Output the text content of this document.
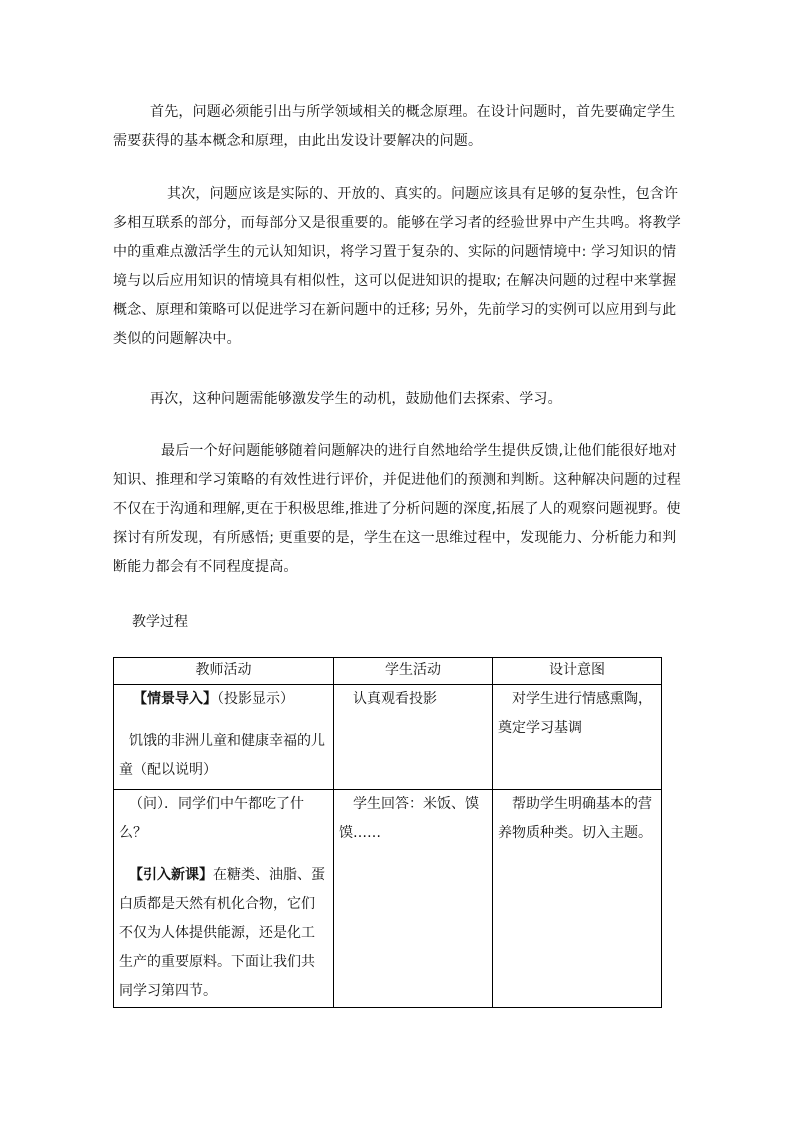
首先，问题必须能引出与所学领域相关的概念原理。在设计问题时，首先要确定学生需要获得的基本概念和原理，由此出发设计要解决的问题。

其次，问题应该是实际的、开放的、真实的。问题应该具有足够的复杂性，包含许多相互联系的部分，而每部分又是很重要的。能够在学习者的经验世界中产生共鸣。将教学中的重难点激活学生的元认知知识，将学习置于复杂的、实际的问题情境中: 学习知识的情境与以后应用知识的情境具有相似性，这可以促进知识的提取; 在解决问题的过程中来掌握概念、原理和策略可以促进学习在新问题中的迁移; 另外，先前学习的实例可以应用到与此类似的问题解决中。

再次，这种问题需能够激发学生的动机，鼓励他们去探索、学习。

最后一个好问题能够随着问题解决的进行自然地给学生提供反馈,让他们能很好地对知识、推理和学习策略的有效性进行评价，并促进他们的预测和判断。这种解决问题的过程不仅在于沟通和理解,更在于积极思维,推进了分析问题的深度,拓展了人的观察问题视野。使探讨有所发现，有所感悟; 更重要的是，学生在这一思维过程中，发现能力、分析能力和判断能力都会有不同程度提高。

教学过程

教师活动	学生活动	设计意图

【情景导入】（投影显示）

饥饿的非洲儿童和健康幸福的儿童（配以说明）	认真观看投影	对学生进行情感熏陶，奠定学习基调

（问）．同学们中午都吃了什么？

【引入新课】在糖类、油脂、蛋白质都是天然有机化合物，它们不仅为人体提供能源，还是化工生产的重要原料。下面让我们共同学习第四节。	学生回答：米饭、馍馍……	帮助学生明确基本的营养物质种类。切入主题。
